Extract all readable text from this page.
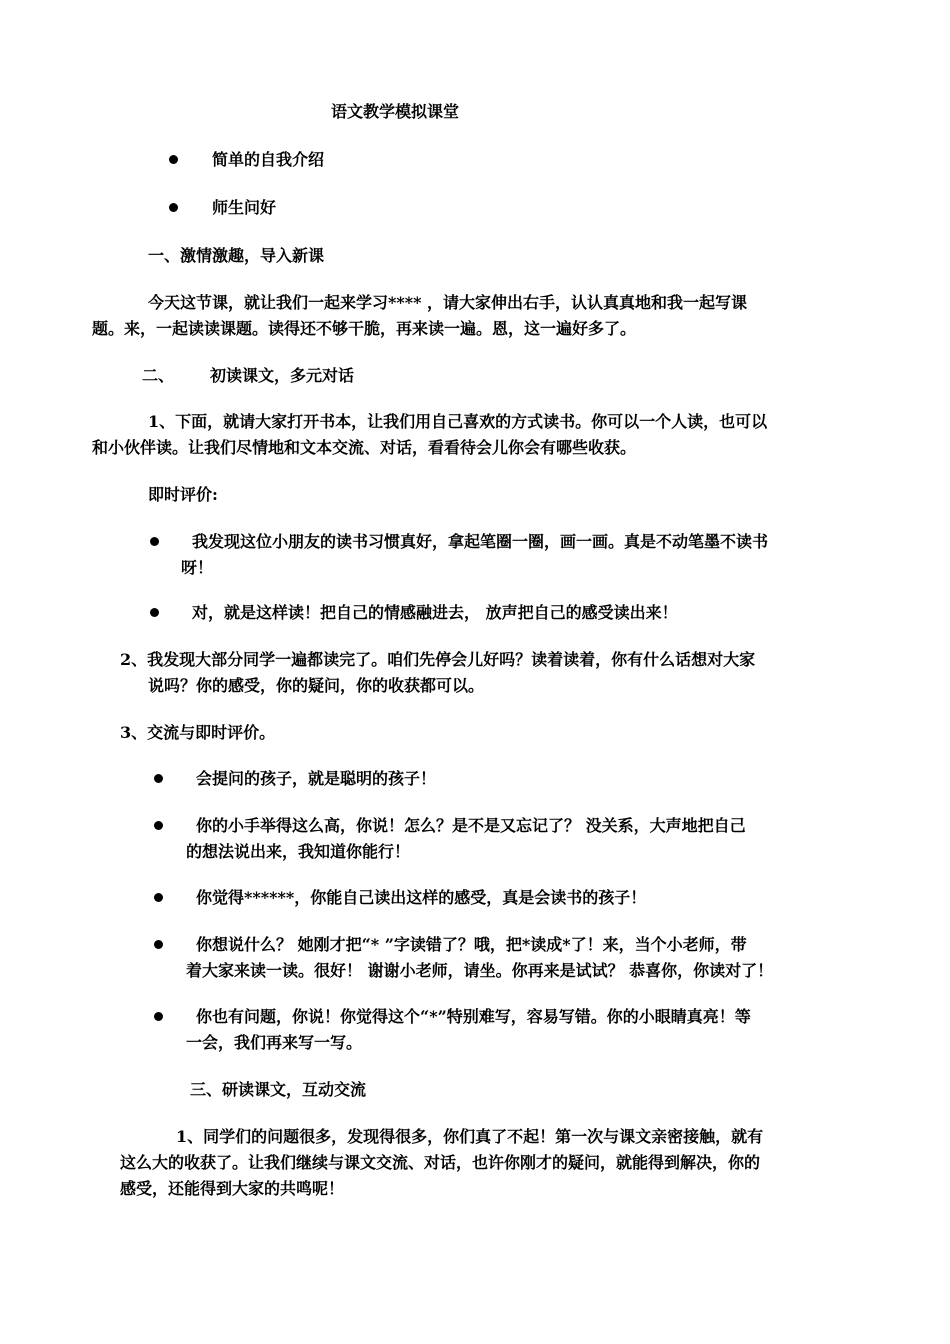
语文教学模拟课堂

简单的自我介绍

师生问好

一、激情激趣，导入新课

今天这节课，就让我们一起来学习**** ，请大家伸出右手，认认真真地和我一起写课

题。来，一起读读课题。读得还不够干脆，再来读一遍。恩，这一遍好多了。

二、 初读课文，多元对话

1、下面，就请大家打开书本，让我们用自己喜欢的方式读书。你可以一个人读，也可以

和小伙伴读。让我们尽情地和文本交流、对话，看看待会儿你会有哪些收获。

即时评价:

我发现这位小朋友的读书习惯真好，拿起笔圈一圈，画一画。真是不动笔墨不读书

呀！

对，就是这样读！把自己的情感融进去， 放声把自己的感受读出来！

2、我发现大部分同学一遍都读完了。咱们先停会儿好吗？读着读着，你有什么话想对大家

说吗？你的感受，你的疑问，你的收获都可以。

3、交流与即时评价。

会提问的孩子，就是聪明的孩子！

你的小手举得这么高，你说！怎么？是不是又忘记了？ 没关系，大声地把自己

的想法说出来，我知道你能行！

你觉得******，你能自己读出这样的感受，真是会读书的孩子！

你想说什么？ 她刚才把“* ”字读错了？哦，把*读成*了！来，当个小老师，带

着大家来读一读。很好！ 谢谢小老师，请坐。你再来是试试？ 恭喜你，你读对了！

你也有问题，你说！你觉得这个“*”特别难写，容易写错。你的小眼睛真亮！等

一会，我们再来写一写。

三、研读课文，互动交流

1、同学们的问题很多，发现得很多，你们真了不起！第一次与课文亲密接触，就有

这么大的收获了。让我们继续与课文交流、对话，也许你刚才的疑问，就能得到解决，你的

感受，还能得到大家的共鸣呢！
